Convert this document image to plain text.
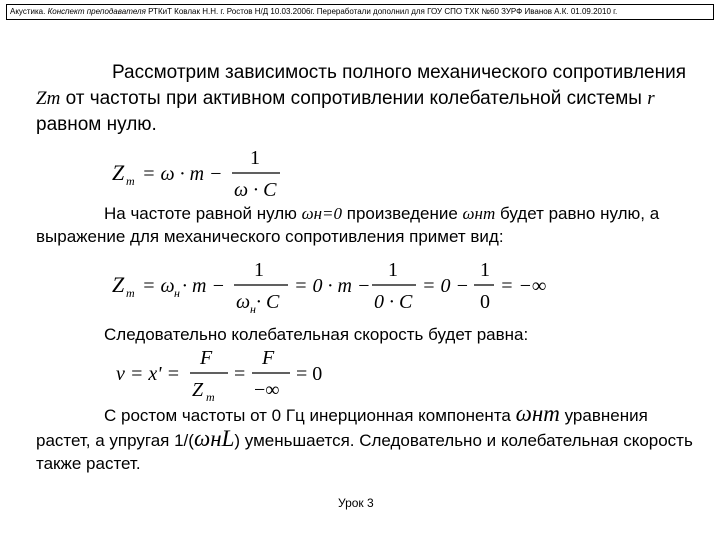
Акустика. Конспект преподавателя РТКиТ Ковлак Н.Н. г. Ростов Н/Д 10.03.2006г. Переработали дополнил для ГОУ СПО ТХК №60 ЗУРФ Иванов А.К. 01.09.2010 г.
Рассмотрим зависимость полного механического сопротивления Zm от частоты при активном сопротивлении колебательной системы r равном нулю.
Z m = ω · m −
1
ω · C
На частоте равной нулю ωн=0 произведение ωнm будет равно нулю, а выражение для механического сопротивления примет вид:
Z m = ω н · m −
1
ω н · C
= 0 · m −
1
0 · C
= 0 −
1
0
= −∞
Следовательно колебательная скорость будет равна:
v = x' =
F
Z m
=
F
−∞
= 0
С ростом частоты от 0 Гц инерционная компонента ωнm уравнения растет, а упругая 1/(ωнL) уменьшается. Следовательно и колебательная скорость также растет.
Урок 3
